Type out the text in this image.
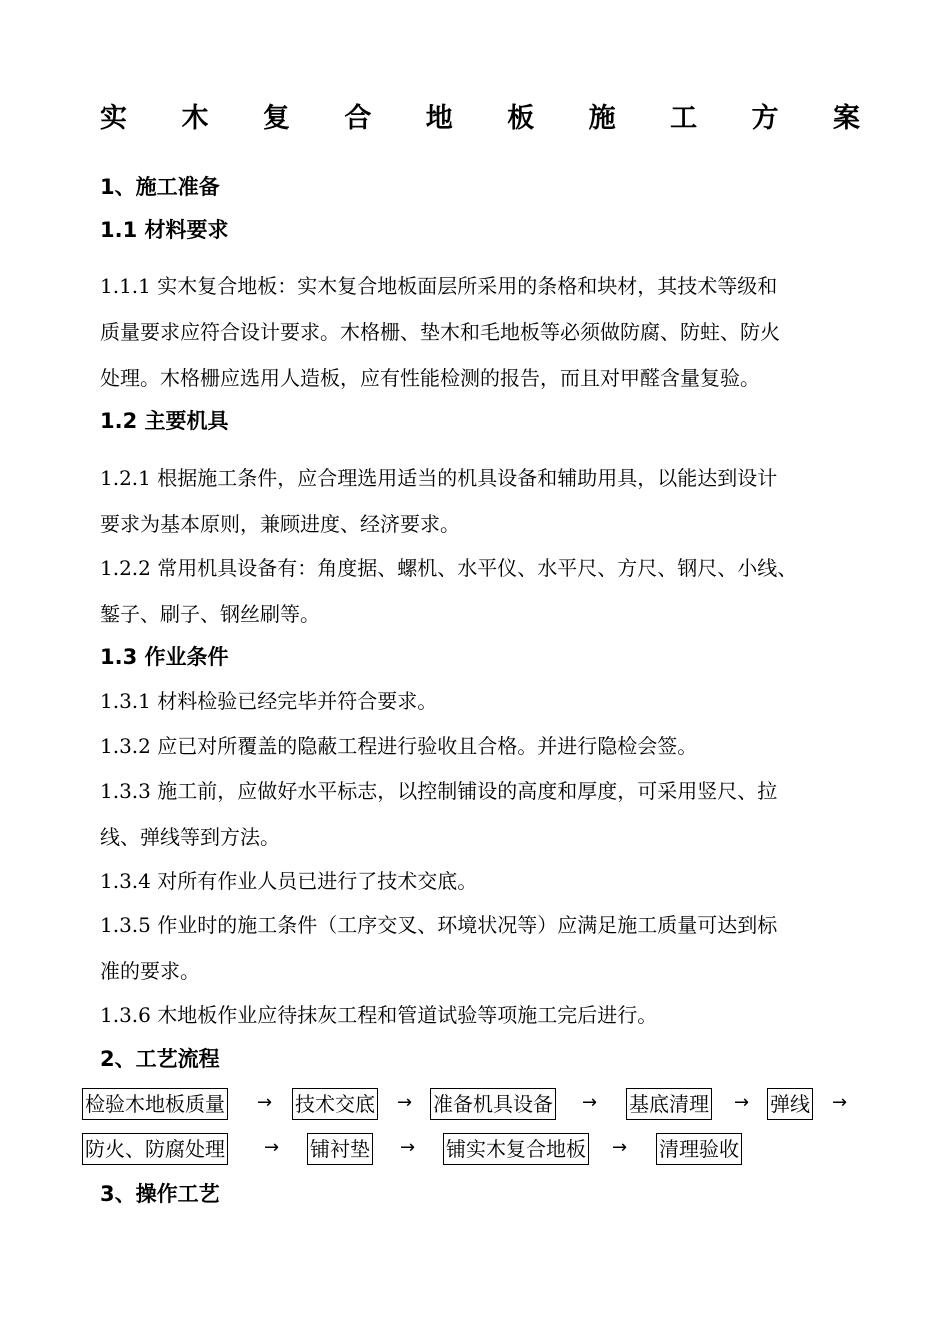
实 木 复 合 地 板 施 工 方 案
1、施工准备
1.1 材料要求
1.1.1 实木复合地板：实木复合地板面层所采用的条格和块材，其技术等级和
质量要求应符合设计要求。木格栅、垫木和毛地板等必须做防腐、防蛀、防火
处理。木格栅应选用人造板，应有性能检测的报告，而且对甲醛含量复验。
1.2 主要机具
1.2.1 根据施工条件，应合理选用适当的机具设备和辅助用具，以能达到设计
要求为基本原则，兼顾进度、经济要求。
1.2.2 常用机具设备有：角度据、螺机、水平仪、水平尺、方尺、钢尺、小线、
錾子、刷子、钢丝刷等。
1.3 作业条件
1.3.1 材料检验已经完毕并符合要求。
1.3.2 应已对所覆盖的隐蔽工程进行验收且合格。并进行隐检会签。
1.3.3 施工前，应做好水平标志，以控制铺设的高度和厚度，可采用竖尺、拉
线、弹线等到方法。
1.3.4 对所有作业人员已进行了技术交底。
1.3.5 作业时的施工条件（工序交叉、环境状况等）应满足施工质量可达到标
准的要求。
1.3.6 木地板作业应待抹灰工程和管道试验等项施工完后进行。
2、工艺流程
检验木地板质量 → 技术交底 → 准备机具设备 → 基底清理 → 弹线 →
防火、防腐处理 → 铺衬垫 → 铺实木复合地板 → 清理验收
3、操作工艺
